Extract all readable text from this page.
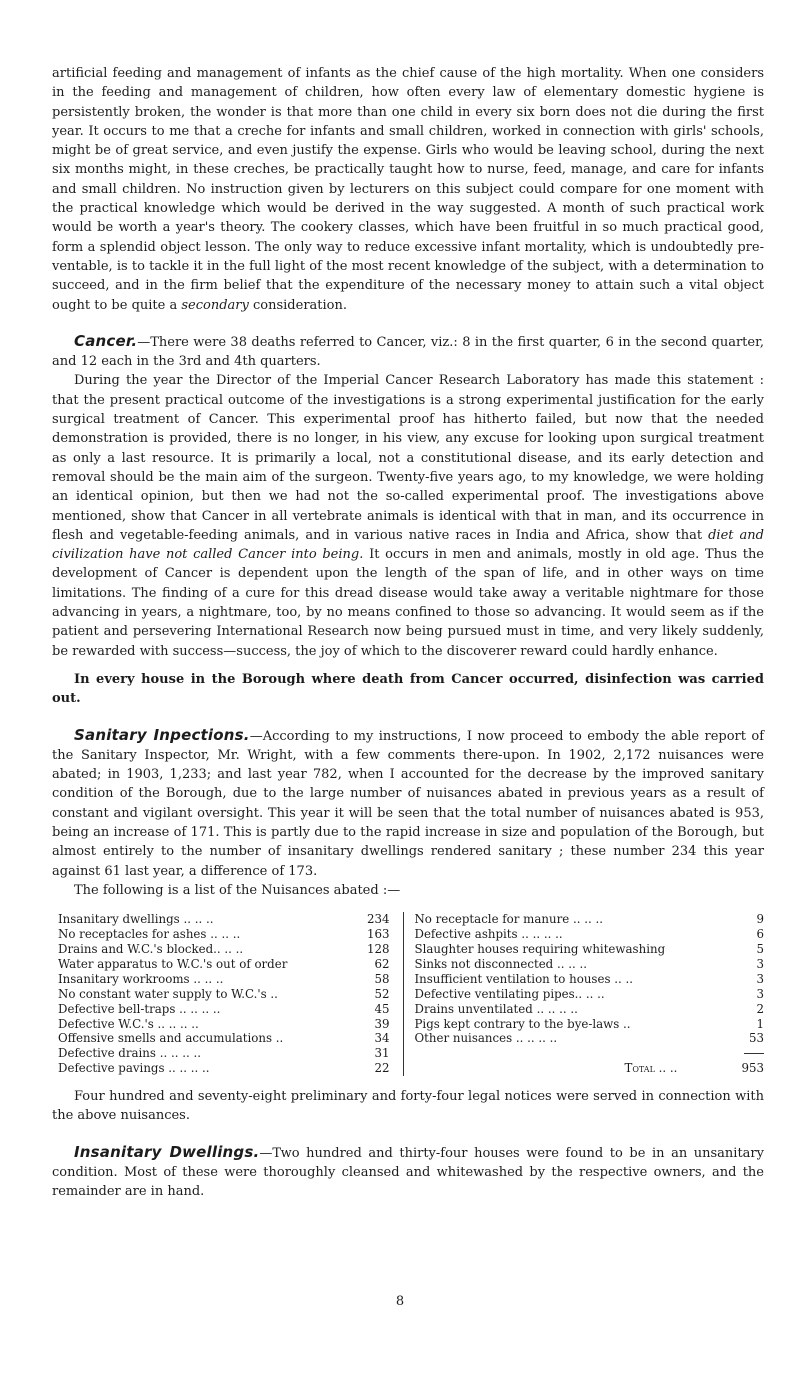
artificial feeding and management of infants as the chief cause of the high mortality. When one considers in the feeding and management of children, how often every law of elementary domestic hygiene is persistently broken, the wonder is that more than one child in every six born does not die during the first year. It occurs to me that a creche for infants and small children, worked in connection with girls' schools, might be of great service, and even justify the expense. Girls who would be leaving school, during the next six months might, in these creches, be practically taught how to nurse, feed, manage, and care for infants and small children. No instruction given by lecturers on this subject could compare for one moment with the practical knowledge which would be derived in the way suggested. A month of such practical work would be worth a year's theory. The cookery classes, which have been fruitful in so much practical good, form a splendid object lesson. The only way to reduce excessive infant mortality, which is undoubtedly pre-ventable, is to tackle it in the full light of the most recent knowledge of the subject, with a determination to succeed, and in the firm belief that the expenditure of the necessary money to attain such a vital object ought to be quite a secondary consideration.

Cancer.—There were 38 deaths referred to Cancer, viz.: 8 in the first quarter, 6 in the second quarter, and 12 each in the 3rd and 4th quarters.

During the year the Director of the Imperial Cancer Research Laboratory has made this statement : that the present practical outcome of the investigations is a strong experimental justification for the early surgical treatment of Cancer. This experimental proof has hitherto failed, but now that the needed demonstration is provided, there is no longer, in his view, any excuse for looking upon surgical treatment as only a last resource. It is primarily a local, not a constitutional disease, and its early detection and removal should be the main aim of the surgeon. Twenty-five years ago, to my knowledge, we were holding an identical opinion, but then we had not the so-called experimental proof. The investigations above mentioned, show that Cancer in all vertebrate animals is identical with that in man, and its occurrence in flesh and vegetable-feeding animals, and in various native races in India and Africa, show that diet and civilization have not called Cancer into being. It occurs in men and animals, mostly in old age. Thus the development of Cancer is dependent upon the length of the span of life, and in other ways on time limitations. The finding of a cure for this dread disease would take away a veritable nightmare for those advancing in years, a nightmare, too, by no means confined to those so advancing. It would seem as if the patient and persevering International Research now being pursued must in time, and very likely suddenly, be rewarded with success—success, the joy of which to the discoverer reward could hardly enhance.

In every house in the Borough where death from Cancer occurred, disinfection was carried out.

Sanitary Inpections.—According to my instructions, I now proceed to embody the able report of the Sanitary Inspector, Mr. Wright, with a few comments there-upon. In 1902, 2,172 nuisances were abated; in 1903, 1,233; and last year 782, when I accounted for the decrease by the improved sanitary condition of the Borough, due to the large number of nuisances abated in previous years as a result of constant and vigilant oversight. This year it will be seen that the total number of nuisances abated is 953, being an increase of 171. This is partly due to the rapid increase in size and population of the Borough, but almost entirely to the number of insanitary dwellings rendered sanitary ; these number 234 this year against 61 last year, a difference of 173.

The following is a list of the Nuisances abated :—

Insanitary dwellings .. .. ..	234
No receptacles for ashes .. .. ..	163
Drains and W.C.'s blocked.. .. ..	128
Water apparatus to W.C.'s out of order	62
Insanitary workrooms .. .. ..	58
No constant water supply to W.C.'s ..	52
Defective bell-traps .. .. .. ..	45
Defective W.C.'s .. .. .. ..	39
Offensive smells and accumulations ..	34
Defective drains .. .. .. ..	31
Defective pavings .. .. .. ..	22
No receptacle for manure .. .. ..	9
Defective ashpits .. .. .. ..	6
Slaughter houses requiring whitewashing	5
Sinks not disconnected .. .. ..	3
Insufficient ventilation to houses .. ..	3
Defective ventilating pipes.. .. ..	3
Drains unventilated .. .. .. ..	2
Pigs kept contrary to the bye-laws ..	1
Other nuisances .. .. .. ..	53
Total .. ..	953

Four hundred and seventy-eight preliminary and forty-four legal notices were served in connection with the above nuisances.

Insanitary Dwellings.—Two hundred and thirty-four houses were found to be in an unsanitary condition. Most of these were thoroughly cleansed and whitewashed by the respective owners, and the remainder are in hand.

8
